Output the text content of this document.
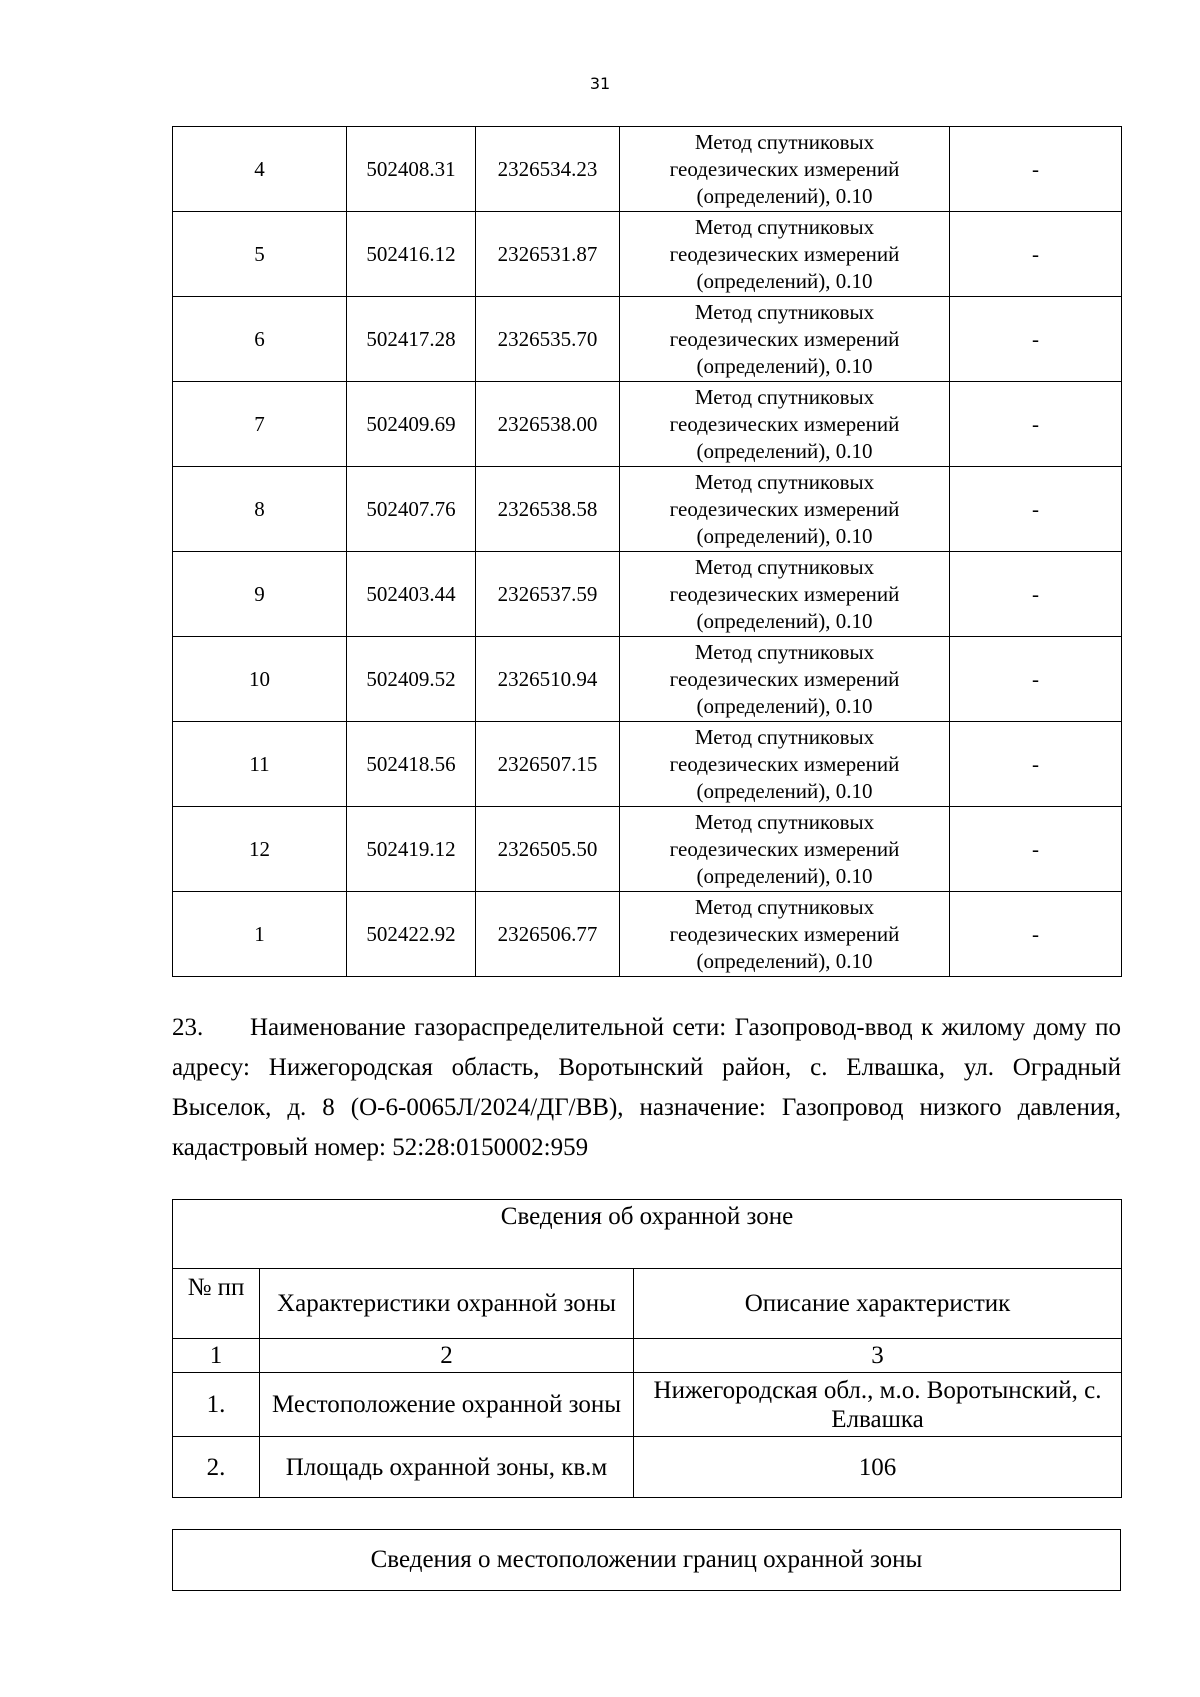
31
4	502408.31	2326534.23	Метод спутниковых
геодезических измерений
(определений), 0.10	-
5	502416.12	2326531.87	Метод спутниковых
геодезических измерений
(определений), 0.10	-
6	502417.28	2326535.70	Метод спутниковых
геодезических измерений
(определений), 0.10	-
7	502409.69	2326538.00	Метод спутниковых
геодезических измерений
(определений), 0.10	-
8	502407.76	2326538.58	Метод спутниковых
геодезических измерений
(определений), 0.10	-
9	502403.44	2326537.59	Метод спутниковых
геодезических измерений
(определений), 0.10	-
10	502409.52	2326510.94	Метод спутниковых
геодезических измерений
(определений), 0.10	-
11	502418.56	2326507.15	Метод спутниковых
геодезических измерений
(определений), 0.10	-
12	502419.12	2326505.50	Метод спутниковых
геодезических измерений
(определений), 0.10	-
1	502422.92	2326506.77	Метод спутниковых
геодезических измерений
(определений), 0.10	-

23. Наименование газораспределительной сети: Газопровод-ввод к жилому дому по адресу: Нижегородская область, Воротынский район, с. Елвашка, ул. Оградный Выселок, д. 8 (О-6-0065Л/2024/ДГ/ВВ), назначение: Газопровод низкого давления, кадастровый номер: 52:28:0150002:959

Сведения об охранной зоне		
№ пп	Характеристики охранной зоны	Описание характеристик
1	2	3
1.	Местоположение охранной зоны	Нижегородская обл., м.о. Воротынский, с. Елвашка
2.	Площадь охранной зоны, кв.м	106
Сведения о местоположении границ охранной зоны
